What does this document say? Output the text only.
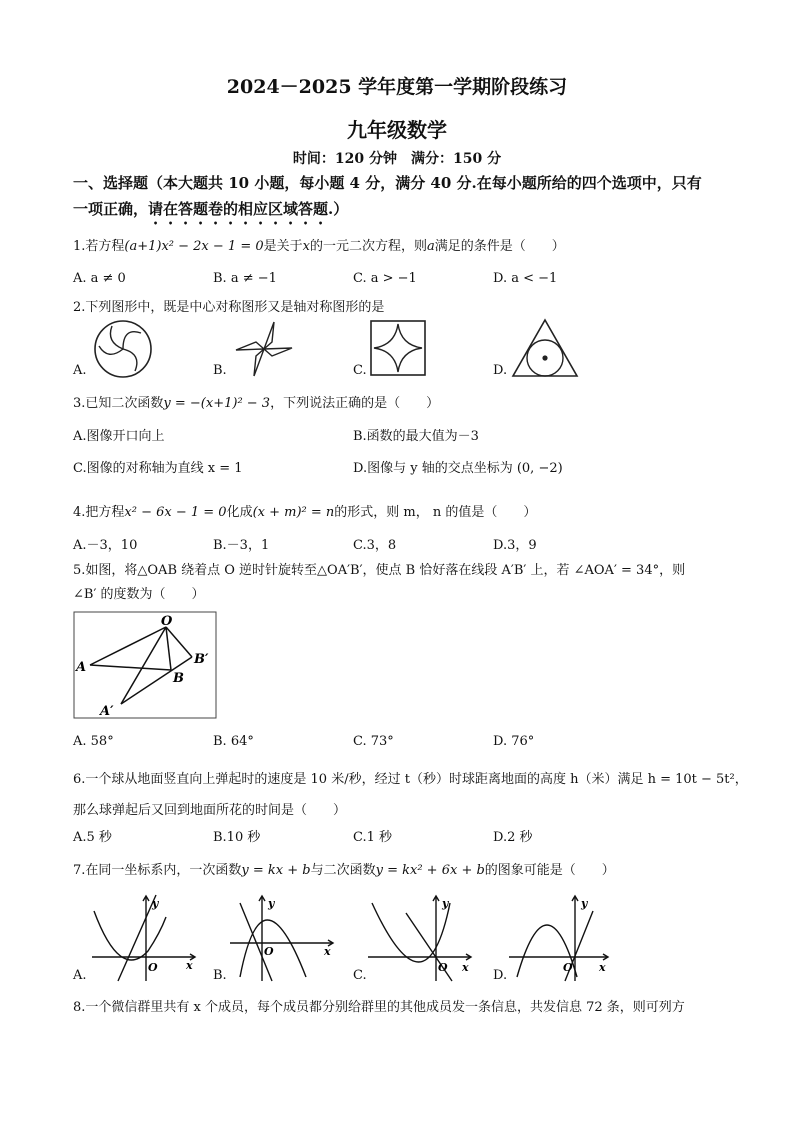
2024－2025 学年度第一学期阶段练习
九年级数学
时间：120 分钟　满分：150 分
一、选择题（本大题共 10 小题，每小题 4 分，满分 40 分.在每小题所给的四个选项中，只有
一项正确，请在答题卷的相应区域答题.）
1.若方程(a+1)x² − 2x − 1 = 0是关于x的一元二次方程，则a满足的条件是（　　）
A. a ≠ 0	B. a ≠ −1	C. a > −1	D. a < −1
2.下列图形中，既是中心对称图形又是轴对称图形的是
A.	B.	C.	D.
3.已知二次函数y = −(x+1)² − 3，下列说法正确的是（　　）
A.图像开口向上	B.函数的最大值为－3
C.图像的对称轴为直线 x = 1	D.图像与 y 轴的交点坐标为 (0, −2)
4.把方程x² − 6x − 1 = 0化成(x + m)² = n的形式，则 m， n 的值是（　　）
A.－3，10	B.－3，1	C.3，8	D.3，9
5.如图，将△OAB 绕着点 O 逆时针旋转至△OA′B′，使点 B 恰好落在线段 A′B′ 上，若 ∠AOA′ = 34°，则
∠B′ 的度数为（　　）
O
A
B′
B
A′
A. 58°	B. 64°	C. 73°	D. 76°
6.一个球从地面竖直向上弹起时的速度是 10 米/秒，经过 t（秒）时球距离地面的高度 h（米）满足 h = 10t − 5t²，
那么球弹起后又回到地面所花的时间是（　　）
A.5 秒	B.10 秒	C.1 秒	D.2 秒
7.在同一坐标系内，一次函数y = kx + b与二次函数y = kx² + 6x + b的图象可能是（　　）
y
x
O
A.
y
x
O
B.
y
x
O
C.
y
x
O
D.
8.一个微信群里共有 x 个成员，每个成员都分别给群里的其他成员发一条信息，共发信息 72 条，则可列方
